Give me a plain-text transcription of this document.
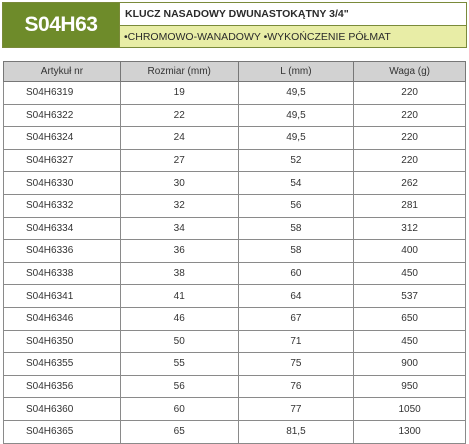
S04H63	KLUCZ NASADOWY DWUNASTOKĄTNY 3/4"
•CHROMOWO-WANADOWY •WYKOŃCZENIE PÓŁMAT
Artykuł nr	Rozmiar (mm)	L (mm)	Waga (g)
S04H6319	19	49,5	220
S04H6322	22	49,5	220
S04H6324	24	49,5	220
S04H6327	27	52	220
S04H6330	30	54	262
S04H6332	32	56	281
S04H6334	34	58	312
S04H6336	36	58	400
S04H6338	38	60	450
S04H6341	41	64	537
S04H6346	46	67	650
S04H6350	50	71	450
S04H6355	55	75	900
S04H6356	56	76	950
S04H6360	60	77	1050
S04H6365	65	81,5	1300
